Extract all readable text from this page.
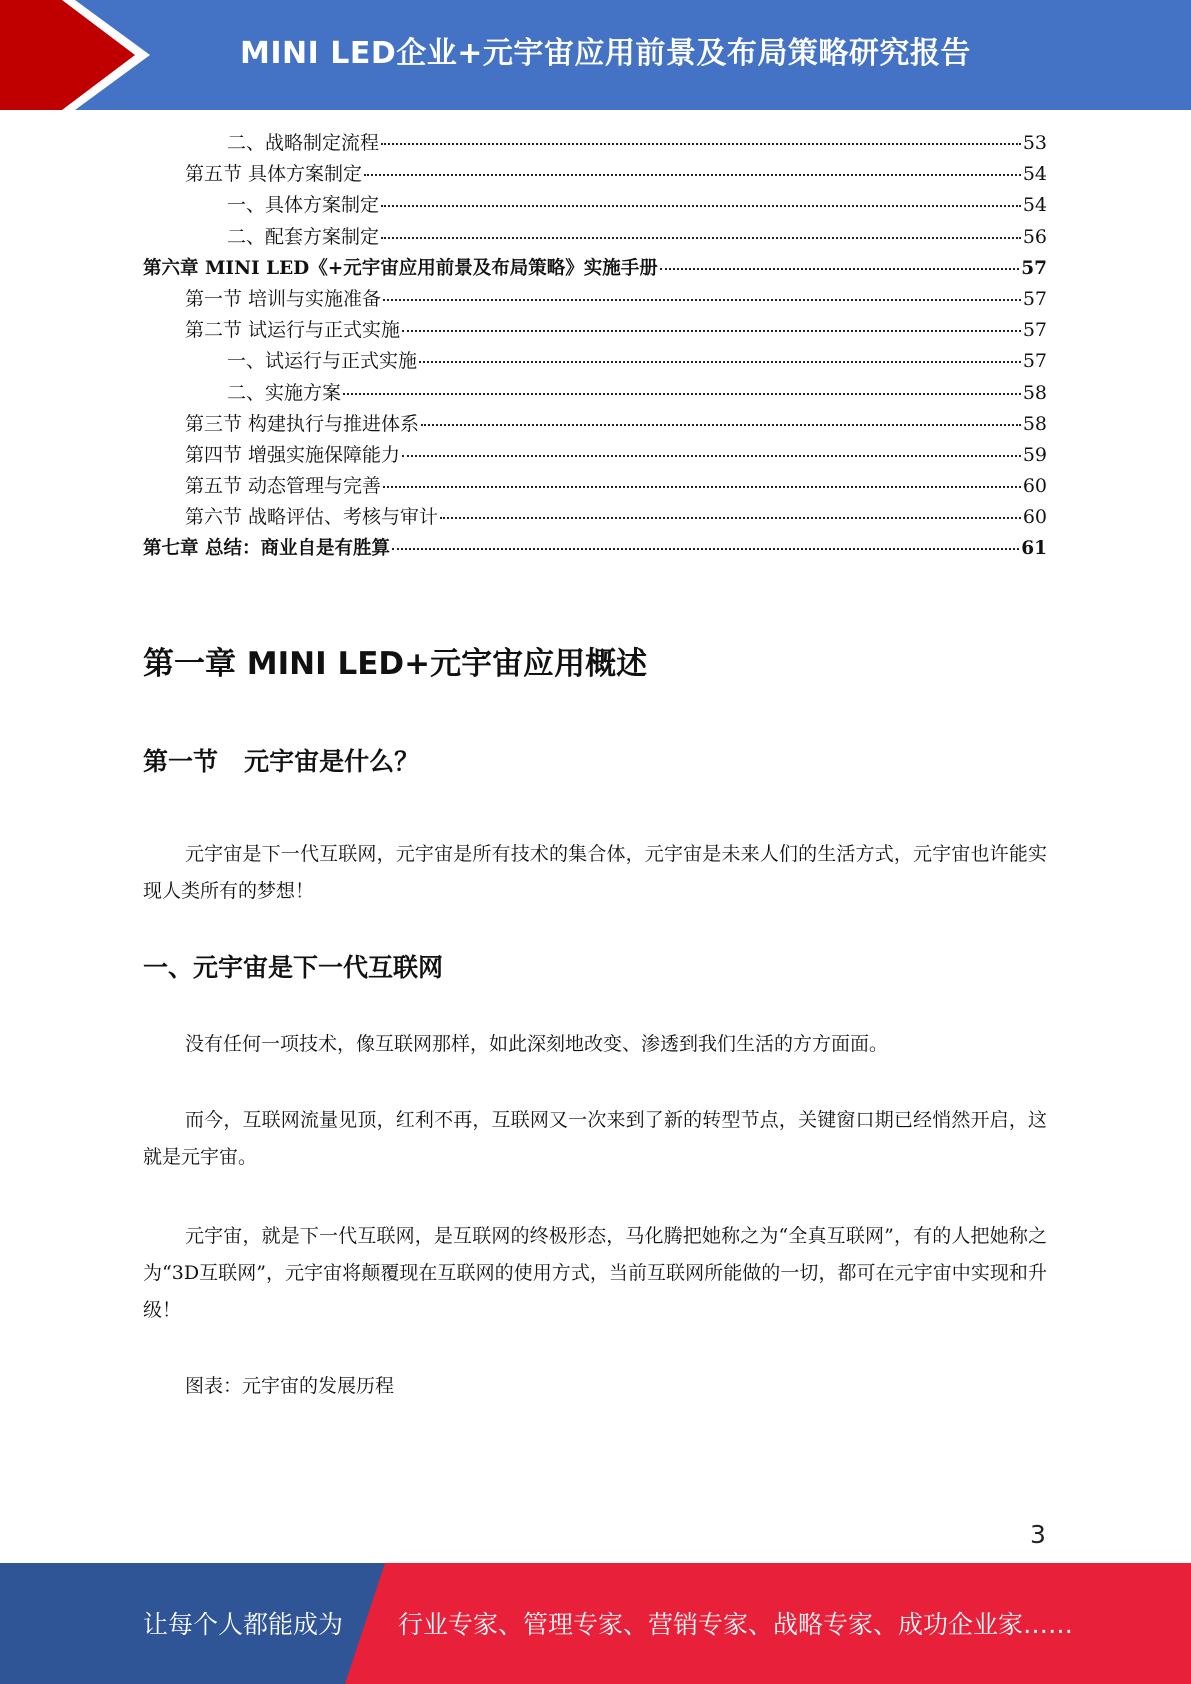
MINI LED企业+元宇宙应用前景及布局策略研究报告
二、战略制定流程	53
第五节 具体方案制定	54
一、具体方案制定	54
二、配套方案制定	56
第六章 MINI LED《+元宇宙应用前景及布局策略》实施手册	57
第一节 培训与实施准备	57
第二节 试运行与正式实施	57
一、试运行与正式实施	57
二、实施方案	58
第三节 构建执行与推进体系	58
第四节 增强实施保障能力	59
第五节 动态管理与完善	60
第六节 战略评估、考核与审计	60
第七章 总结：商业自是有胜算	61
第一章 MINI LED+元宇宙应用概述
第一节   元宇宙是什么？

元宇宙是下一代互联网，元宇宙是所有技术的集合体，元宇宙是未来人们的生活方式，元宇宙也许能实现人类所有的梦想！

一、元宇宙是下一代互联网

没有任何一项技术，像互联网那样，如此深刻地改变、渗透到我们生活的方方面面。

而今，互联网流量见顶，红利不再，互联网又一次来到了新的转型节点，关键窗口期已经悄然开启，这就是元宇宙。

元宇宙，就是下一代互联网，是互联网的终极形态，马化腾把她称之为“全真互联网”，有的人把她称之为“3D互联网”，元宇宙将颠覆现在互联网的使用方式，当前互联网所能做的一切，都可在元宇宙中实现和升级！

图表：元宇宙的发展历程

3
让每个人都能成为 行业专家、管理专家、营销专家、战略专家、成功企业家……
